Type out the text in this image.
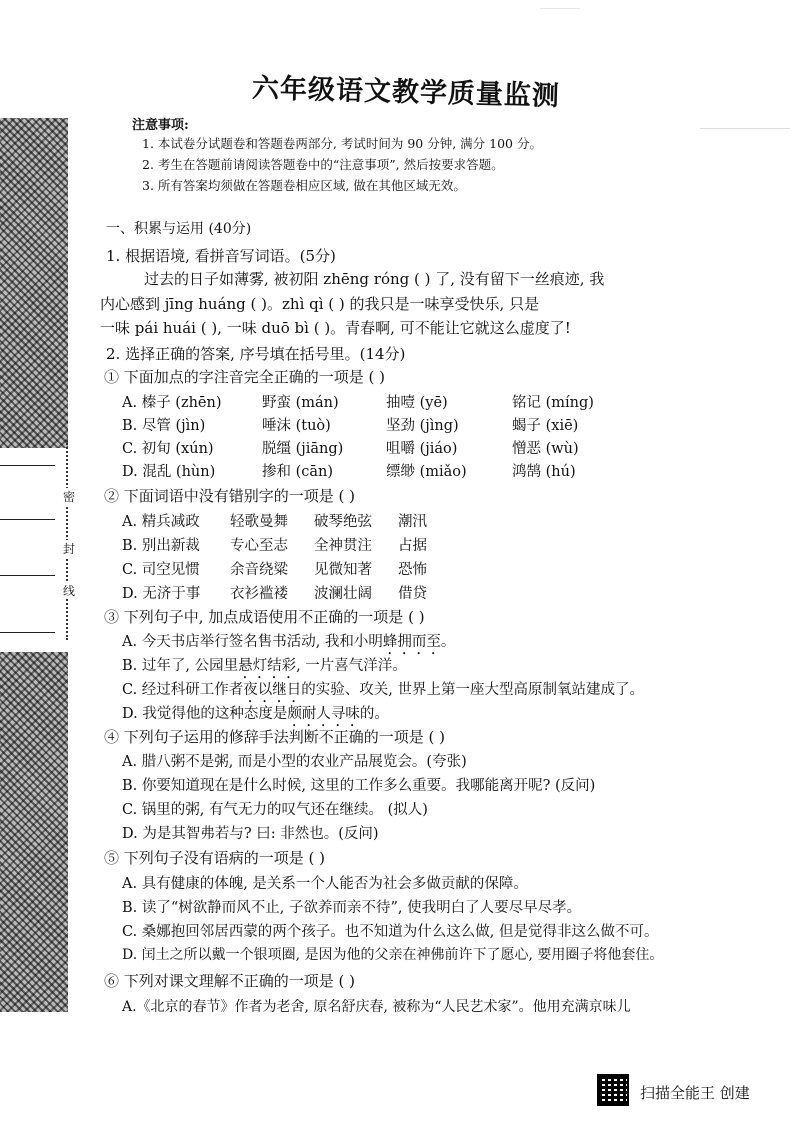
密
封
线
六年级语文教学质量监测
注意事项:
1. 本试卷分试题卷和答题卷两部分, 考试时间为 90 分钟, 满分 100 分。
2. 考生在答题前请阅读答题卷中的“注意事项”, 然后按要求答题。
3. 所有答案均须做在答题卷相应区域, 做在其他区域无效。
一、积累与运用 (40分)
1. 根据语境, 看拼音写词语。(5分)
过去的日子如薄雾, 被初阳 zhēng róng ( ) 了, 没有留下一丝痕迹, 我
内心感到 jīng huáng ( )。zhì qì ( ) 的我只是一味享受快乐, 只是
一味 pái huái ( ), 一味 duō bì ( )。青春啊, 可不能让它就这么虚度了!
2. 选择正确的答案, 序号填在括号里。(14分)
① 下面加点的字注音完全正确的一项是 ( )
A. 榛子 (zhēn)	野蛮 (mán)	抽噎 (yē)	铭记 (míng)
B. 尽管 (jìn)	唾沫 (tuò)	坚劲 (jìng)	蝎子 (xiē)
C. 初旬 (xún)	脱缰 (jiāng)	咀嚼 (jiáo)	憎恶 (wù)
D. 混乱 (hùn)	掺和 (cān)	缥缈 (miǎo)	鸿鹄 (hú)
② 下面词语中没有错别字的一项是 ( )
A. 精兵减政 轻歌曼舞 破琴绝弦 潮汛
B. 别出新裁 专心至志 全神贯注 占据
C. 司空见惯 余音绕粱 见微知著 恐怖
D. 无济于事 衣衫褴褛 波澜壮阔 借贷
③ 下列句子中, 加点成语使用不正确的一项是 ( )
A. 今天书店举行签名售书活动, 我和小明蜂拥而至。
B. 过年了, 公园里悬灯结彩, 一片喜气洋洋。
C. 经过科研工作者夜以继日的实验、攻关, 世界上第一座大型高原制氧站建成了。
D. 我觉得他的这种态度是颇耐人寻味的。
④ 下列句子运用的修辞手法判断不正确的一项是 ( )
A. 腊八粥不是粥, 而是小型的农业产品展览会。(夸张)
B. 你要知道现在是什么时候, 这里的工作多么重要。我哪能离开呢? (反问)
C. 锅里的粥, 有气无力的叹气还在继续。 (拟人)
D. 为是其智弗若与? 曰: 非然也。(反问)
⑤ 下列句子没有语病的一项是 ( )
A. 具有健康的体魄, 是关系一个人能否为社会多做贡献的保障。
B. 读了“树欲静而风不止, 子欲养而亲不待”, 使我明白了人要尽早尽孝。
C. 桑娜抱回邻居西蒙的两个孩子。也不知道为什么这么做, 但是觉得非这么做不可。
D. 闰土之所以戴一个银项圈, 是因为他的父亲在神佛前许下了愿心, 要用圈子将他套住。
⑥ 下列对课文理解不正确的一项是 ( )
A.《北京的春节》作者为老舍, 原名舒庆春, 被称为“人民艺术家”。他用充满京味儿
扫描全能王 创建
